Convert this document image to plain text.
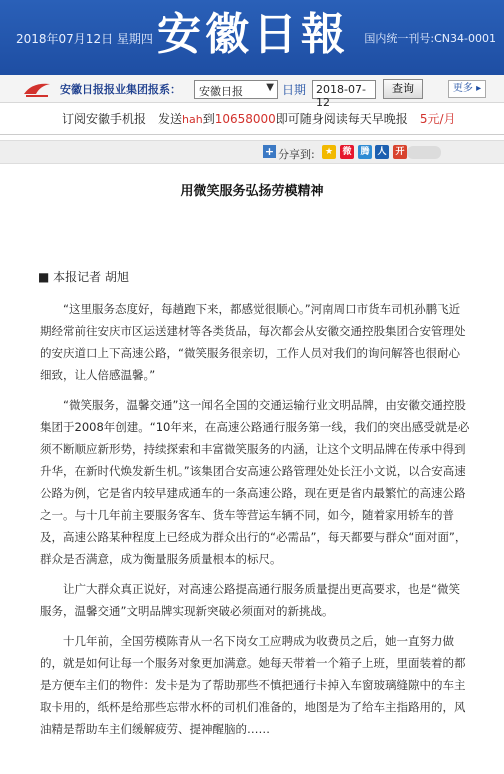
2018年07月12日 星期四 安徽日報	国内统一刊号:CN34-0001
安徽日报报业集团报系：	安徽日报 ▼ 日期 2018-07-12
查询	更多 ▸
订阅安徽手机报　发送hah到10658000即可随身阅读每天早晚报　5元/月
+ 分享到:	★	微 腾 人 开
用微笑服务弘扬劳模精神
■ 本报记者 胡旭

“这里服务态度好，每趟跑下来，都感觉很顺心。”河南周口市货车司机孙鹏飞近期经常前往安庆市区运送建材等各类货品，每次都会从安徽交通控股集团合安管理处的安庆道口上下高速公路，“微笑服务很亲切，工作人员对我们的询问解答也很耐心细致，让人倍感温馨。”

“微笑服务，温馨交通”这一闻名全国的交通运输行业文明品牌，由安徽交通控股集团于2008年创建。“10年来，在高速公路通行服务第一线，我们的突出感受就是必须不断顺应新形势，持续探索和丰富微笑服务的内涵，让这个文明品牌在传承中得到升华，在新时代焕发新生机。”该集团合安高速公路管理处处长汪小文说，以合安高速公路为例，它是省内较早建成通车的一条高速公路，现在更是省内最繁忙的高速公路之一。与十几年前主要服务客车、货车等营运车辆不同，如今，随着家用轿车的普及，高速公路某种程度上已经成为群众出行的“必需品”，每天都要与群众“面对面”，群众是否满意，成为衡量服务质量根本的标尺。

让广大群众真正说好，对高速公路提高通行服务质量提出更高要求，也是“微笑服务，温馨交通”文明品牌实现新突破必须面对的新挑战。

十几年前，全国劳模陈青从一名下岗女工应聘成为收费员之后，她一直努力做的，就是如何让每一个服务对象更加满意。她每天带着一个箱子上班，里面装着的都是方便车主们的物件：发卡是为了帮助那些不慎把通行卡掉入车窗玻璃缝隙中的车主取卡用的，纸杯是给那些忘带水杯的司机们准备的，地图是为了给车主指路用的，风油精是帮助车主们缓解疲劳、提神醒脑的……
